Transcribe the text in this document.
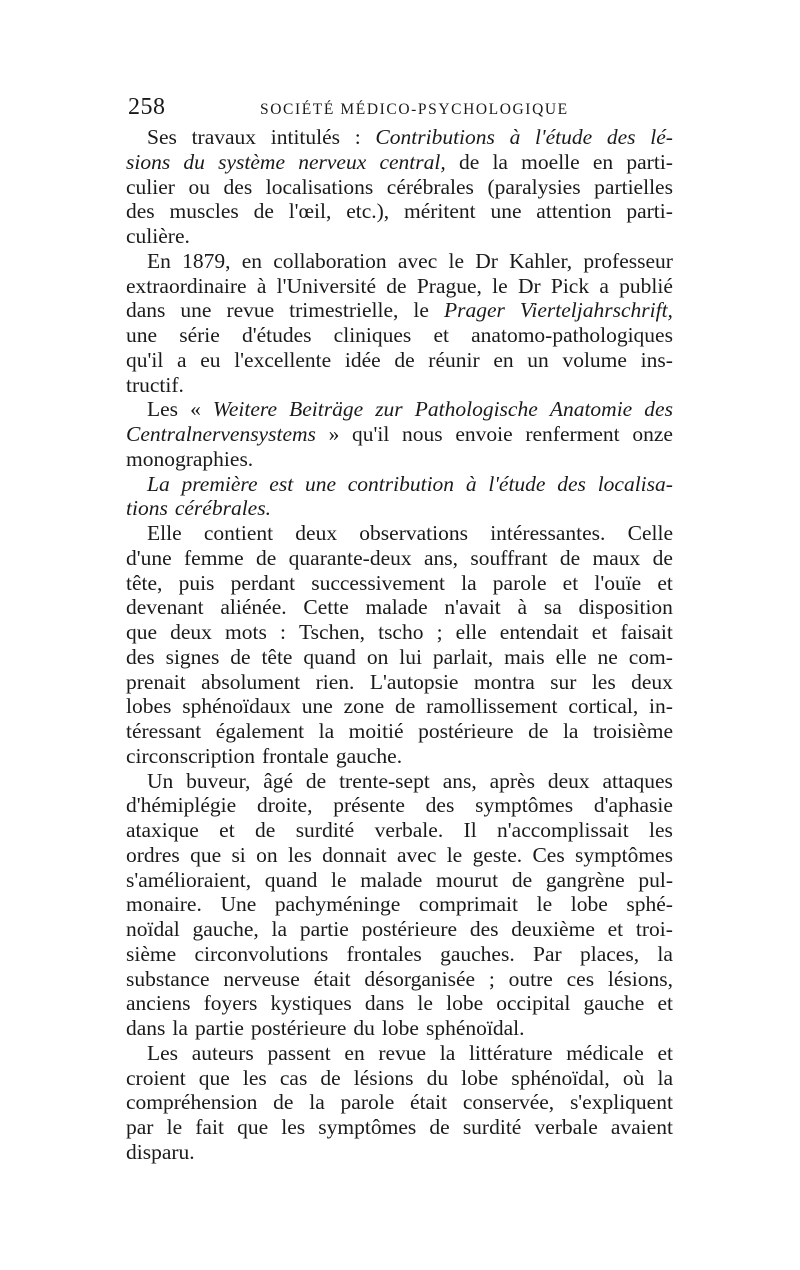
258	SOCIÉTÉ MÉDICO-PSYCHOLOGIQUE
Ses travaux intitulés : Contributions à l'étude des lé-
sions du système nerveux central, de la moelle en parti-
culier ou des localisations cérébrales (paralysies partielles
des muscles de l'œil, etc.), méritent une attention parti-
culière.
En 1879, en collaboration avec le Dr Kahler, professeur
extraordinaire à l'Université de Prague, le Dr Pick a publié
dans une revue trimestrielle, le Prager Vierteljahrschrift,
une série d'études cliniques et anatomo-pathologiques
qu'il a eu l'excellente idée de réunir en un volume ins-
tructif.
Les « Weitere Beiträge zur Pathologische Anatomie des
Centralnervensystems » qu'il nous envoie renferment onze
monographies.
La première est une contribution à l'étude des localisa-
tions cérébrales.
Elle contient deux observations intéressantes. Celle
d'une femme de quarante-deux ans, souffrant de maux de
tête, puis perdant successivement la parole et l'ouïe et
devenant aliénée. Cette malade n'avait à sa disposition
que deux mots : Tschen, tscho ; elle entendait et faisait
des signes de tête quand on lui parlait, mais elle ne com-
prenait absolument rien. L'autopsie montra sur les deux
lobes sphénoïdaux une zone de ramollissement cortical, in-
téressant également la moitié postérieure de la troisième
circonscription frontale gauche.
Un buveur, âgé de trente-sept ans, après deux attaques
d'hémiplégie droite, présente des symptômes d'aphasie
ataxique et de surdité verbale. Il n'accomplissait les
ordres que si on les donnait avec le geste. Ces symptômes
s'amélioraient, quand le malade mourut de gangrène pul-
monaire. Une pachyméninge comprimait le lobe sphé-
noïdal gauche, la partie postérieure des deuxième et troi-
sième circonvolutions frontales gauches. Par places, la
substance nerveuse était désorganisée ; outre ces lésions,
anciens foyers kystiques dans le lobe occipital gauche et
dans la partie postérieure du lobe sphénoïdal.
Les auteurs passent en revue la littérature médicale et
croient que les cas de lésions du lobe sphénoïdal, où la
compréhension de la parole était conservée, s'expliquent
par le fait que les symptômes de surdité verbale avaient
disparu.
